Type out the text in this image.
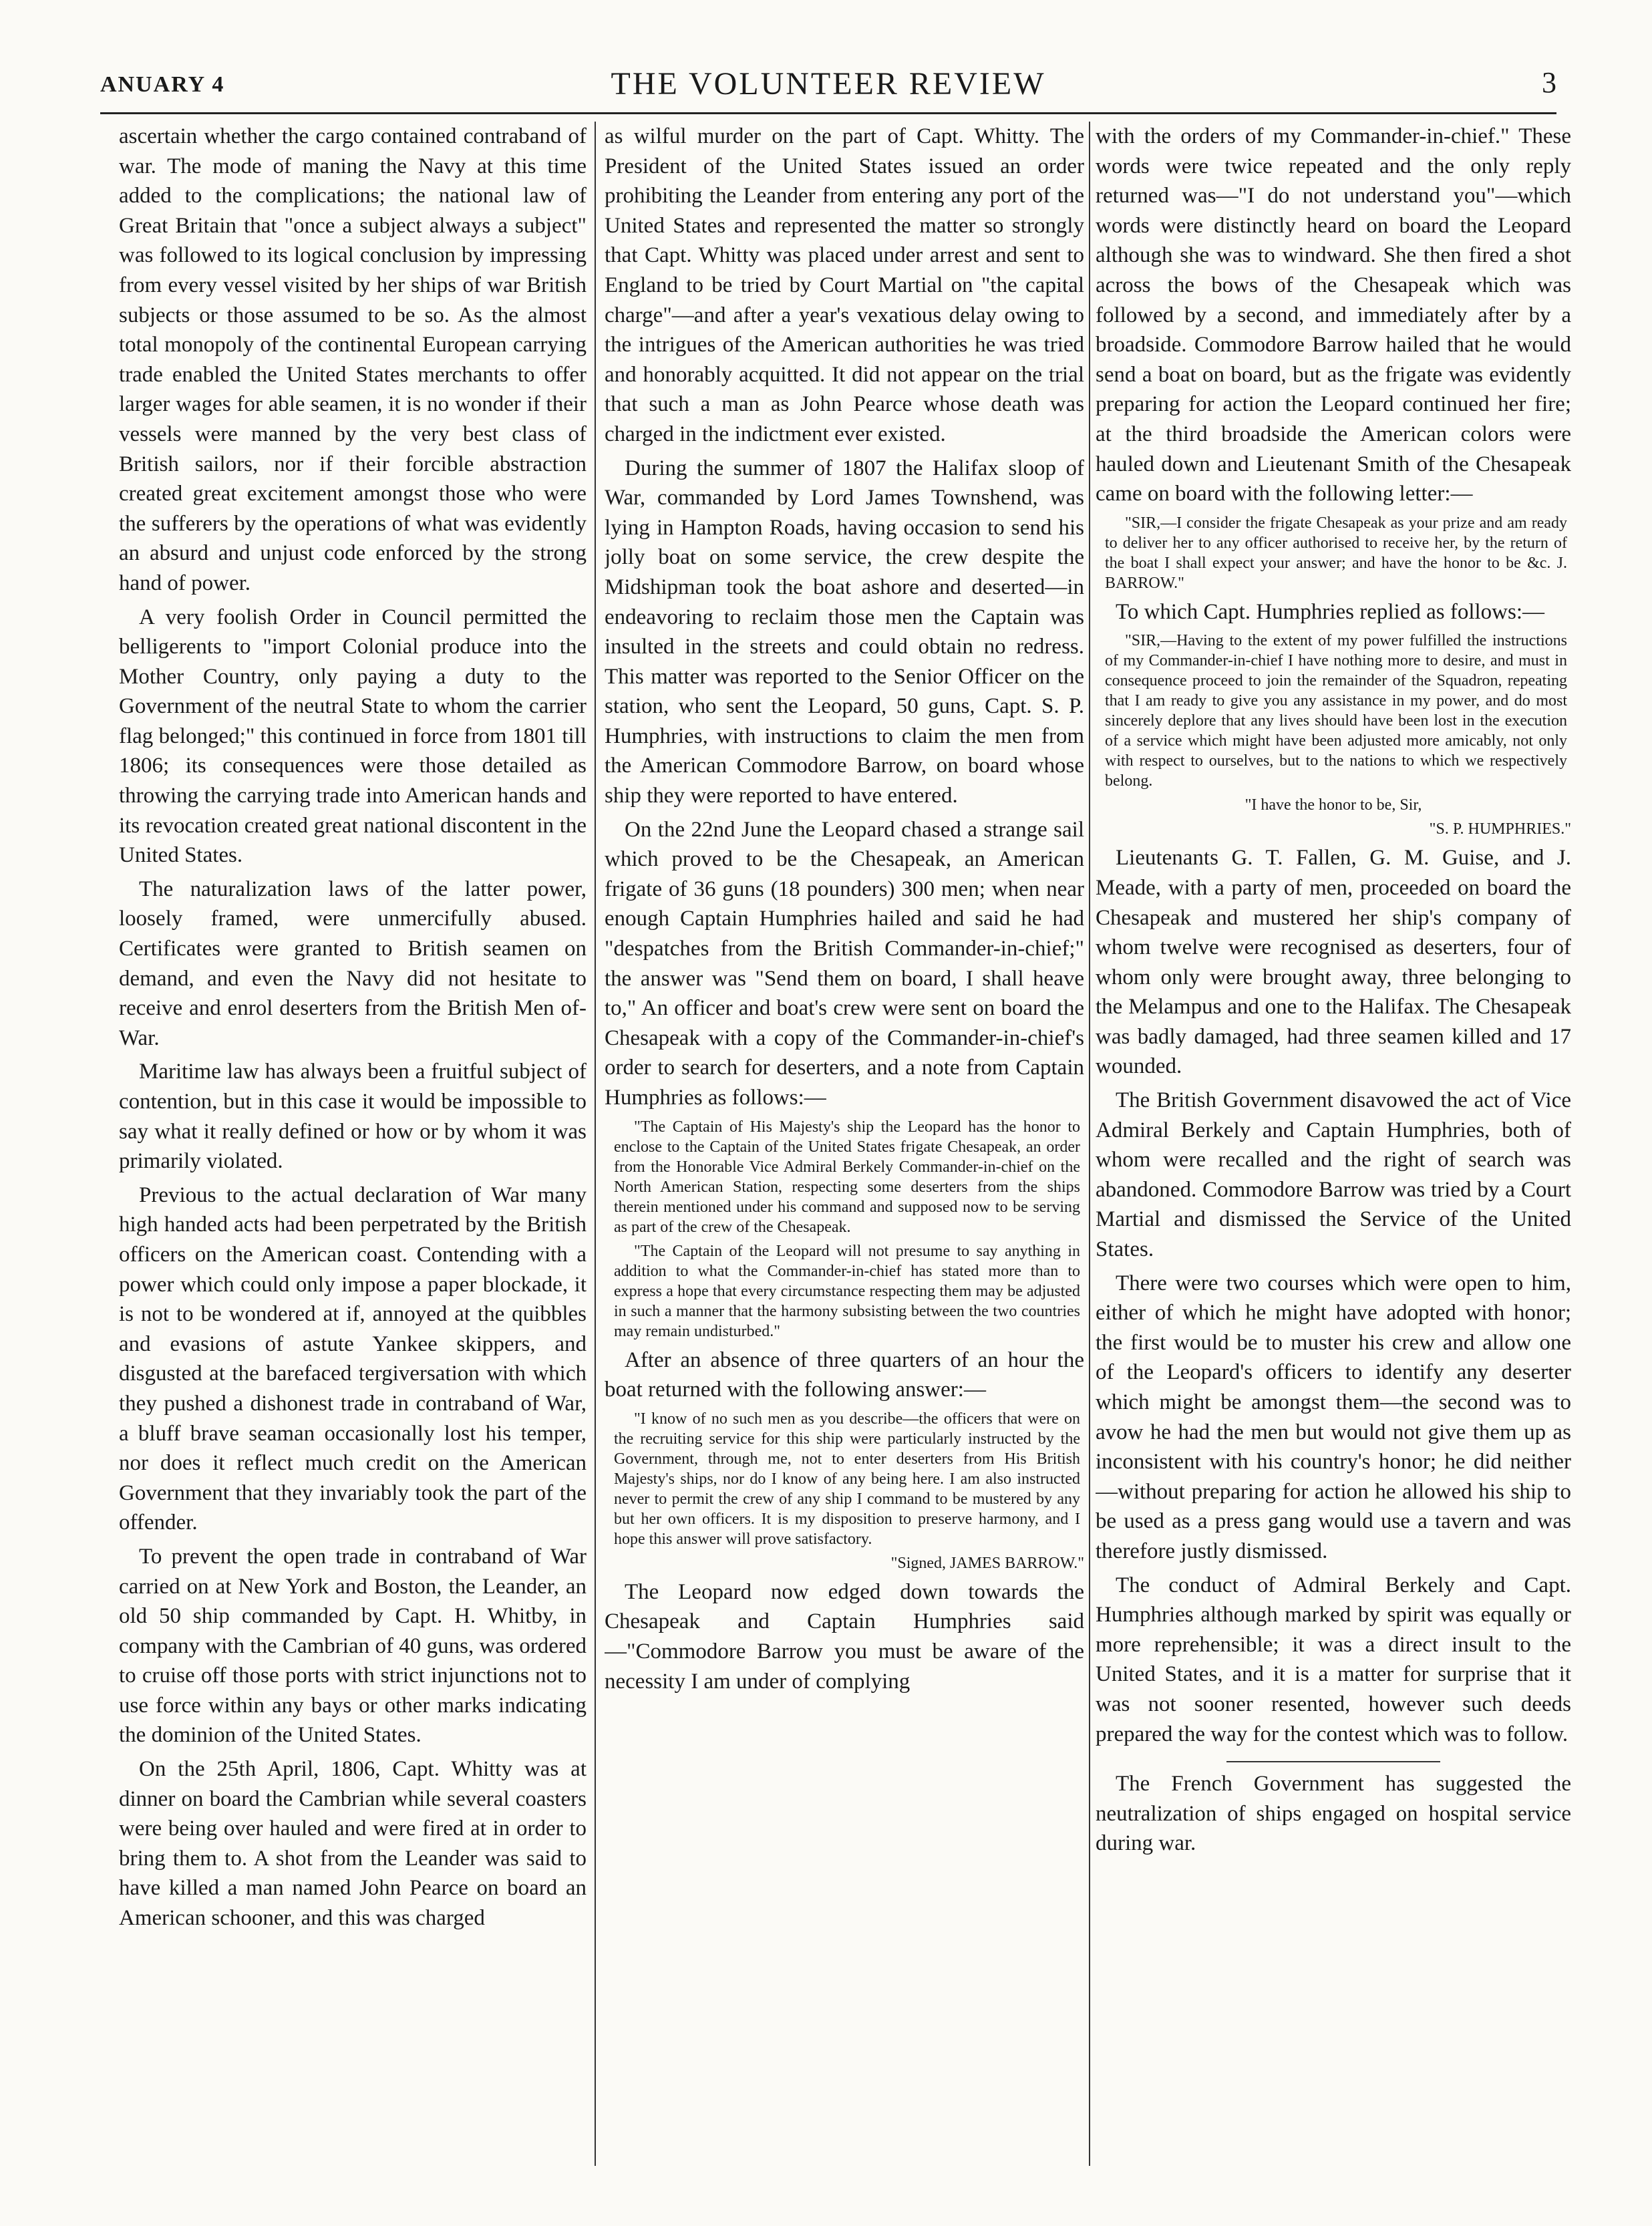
ANUARY 4	THE VOLUNTEER REVIEW	3

ascertain whether the cargo contained contraband of war. The mode of maning the Navy at this time added to the complications; the national law of Great Britain that "once a subject always a subject" was followed to its logical conclusion by impressing from every vessel visited by her ships of war British subjects or those assumed to be so. As the almost total monopoly of the continental European carrying trade enabled the United States merchants to offer larger wages for able seamen, it is no wonder if their vessels were manned by the very best class of British sailors, nor if their forcible abstraction created great excitement amongst those who were the sufferers by the operations of what was evidently an absurd and unjust code enforced by the strong hand of power.

A very foolish Order in Council permitted the belligerents to "import Colonial produce into the Mother Country, only paying a duty to the Government of the neutral State to whom the carrier flag belonged;" this continued in force from 1801 till 1806; its consequences were those detailed as throwing the carrying trade into American hands and its revocation created great national discontent in the United States.

The naturalization laws of the latter power, loosely framed, were unmercifully abused. Certificates were granted to British seamen on demand, and even the Navy did not hesitate to receive and enrol deserters from the British Men of-War.

Maritime law has always been a fruitful subject of contention, but in this case it would be impossible to say what it really defined or how or by whom it was primarily violated.

Previous to the actual declaration of War many high handed acts had been perpetrated by the British officers on the American coast. Contending with a power which could only impose a paper blockade, it is not to be wondered at if, annoyed at the quibbles and evasions of astute Yankee skippers, and disgusted at the barefaced tergiversation with which they pushed a dishonest trade in contraband of War, a bluff brave seaman occasionally lost his temper, nor does it reflect much credit on the American Government that they invariably took the part of the offender.

To prevent the open trade in contraband of War carried on at New York and Boston, the Leander, an old 50 ship commanded by Capt. H. Whitby, in company with the Cambrian of 40 guns, was ordered to cruise off those ports with strict injunctions not to use force within any bays or other marks indicating the dominion of the United States.

On the 25th April, 1806, Capt. Whitty was at dinner on board the Cambrian while several coasters were being over hauled and were fired at in order to bring them to. A shot from the Leander was said to have killed a man named John Pearce on board an American schooner, and this was charged

as wilful murder on the part of Capt. Whitty. The President of the United States issued an order prohibiting the Leander from entering any port of the United States and represented the matter so strongly that Capt. Whitty was placed under arrest and sent to England to be tried by Court Martial on "the capital charge"—and after a year's vexatious delay owing to the intrigues of the American authorities he was tried and honorably acquitted. It did not appear on the trial that such a man as John Pearce whose death was charged in the indictment ever existed.

During the summer of 1807 the Halifax sloop of War, commanded by Lord James Townshend, was lying in Hampton Roads, having occasion to send his jolly boat on some service, the crew despite the Midshipman took the boat ashore and deserted—in endeavoring to reclaim those men the Captain was insulted in the streets and could obtain no redress. This matter was reported to the Senior Officer on the station, who sent the Leopard, 50 guns, Capt. S. P. Humphries, with instructions to claim the men from the American Commodore Barrow, on board whose ship they were reported to have entered.

On the 22nd June the Leopard chased a strange sail which proved to be the Chesapeak, an American frigate of 36 guns (18 pounders) 300 men; when near enough Captain Humphries hailed and said he had "despatches from the British Commander-in-chief;" the answer was "Send them on board, I shall heave to," An officer and boat's crew were sent on board the Chesapeak with a copy of the Commander-in-chief's order to search for deserters, and a note from Captain Humphries as follows:—

"The Captain of His Majesty's ship the Leopard has the honor to enclose to the Captain of the United States frigate Chesapeak, an order from the Honorable Vice Admiral Berkely Commander-in-chief on the North American Station, respecting some deserters from the ships therein mentioned under his command and supposed now to be serving as part of the crew of the Chesapeak.

"The Captain of the Leopard will not presume to say anything in addition to what the Commander-in-chief has stated more than to express a hope that every circumstance respecting them may be adjusted in such a manner that the harmony subsisting between the two countries may remain undisturbed."

After an absence of three quarters of an hour the boat returned with the following answer:—

"I know of no such men as you describe—the officers that were on the recruiting service for this ship were particularly instructed by the Government, through me, not to enter deserters from His British Majesty's ships, nor do I know of any being here. I am also instructed never to permit the crew of any ship I command to be mustered by any but her own officers. It is my disposition to preserve harmony, and I hope this answer will prove satisfactory.

"Signed, JAMES BARROW."

The Leopard now edged down towards the Chesapeak and Captain Humphries said —"Commodore Barrow you must be aware of the necessity I am under of complying

with the orders of my Commander-in-chief." These words were twice repeated and the only reply returned was—"I do not understand you"—which words were distinctly heard on board the Leopard although she was to windward. She then fired a shot across the bows of the Chesapeak which was followed by a second, and immediately after by a broadside. Commodore Barrow hailed that he would send a boat on board, but as the frigate was evidently preparing for action the Leopard continued her fire; at the third broadside the American colors were hauled down and Lieutenant Smith of the Chesapeak came on board with the following letter:—

"SIR,—I consider the frigate Chesapeak as your prize and am ready to deliver her to any officer authorised to receive her, by the return of the boat I shall expect your answer; and have the honor to be &c. J. BARROW."

To which Capt. Humphries replied as follows:—

"SIR,—Having to the extent of my power fulfilled the instructions of my Commander-in-chief I have nothing more to desire, and must in consequence proceed to join the remainder of the Squadron, repeating that I am ready to give you any assistance in my power, and do most sincerely deplore that any lives should have been lost in the execution of a service which might have been adjusted more amicably, not only with respect to ourselves, but to the nations to which we respectively belong.

"I have the honor to be, Sir,

"S. P. HUMPHRIES."

Lieutenants G. T. Fallen, G. M. Guise, and J. Meade, with a party of men, proceeded on board the Chesapeak and mustered her ship's company of whom twelve were recognised as deserters, four of whom only were brought away, three belonging to the Melampus and one to the Halifax. The Chesapeak was badly damaged, had three seamen killed and 17 wounded.

The British Government disavowed the act of Vice Admiral Berkely and Captain Humphries, both of whom were recalled and the right of search was abandoned. Commodore Barrow was tried by a Court Martial and dismissed the Service of the United States.

There were two courses which were open to him, either of which he might have adopted with honor; the first would be to muster his crew and allow one of the Leopard's officers to identify any deserter which might be amongst them—the second was to avow he had the men but would not give them up as inconsistent with his country's honor; he did neither—without preparing for action he allowed his ship to be used as a press gang would use a tavern and was therefore justly dismissed.

The conduct of Admiral Berkely and Capt. Humphries although marked by spirit was equally or more reprehensible; it was a direct insult to the United States, and it is a matter for surprise that it was not sooner resented, however such deeds prepared the way for the contest which was to follow.

The French Government has suggested the neutralization of ships engaged on hospital service during war.
